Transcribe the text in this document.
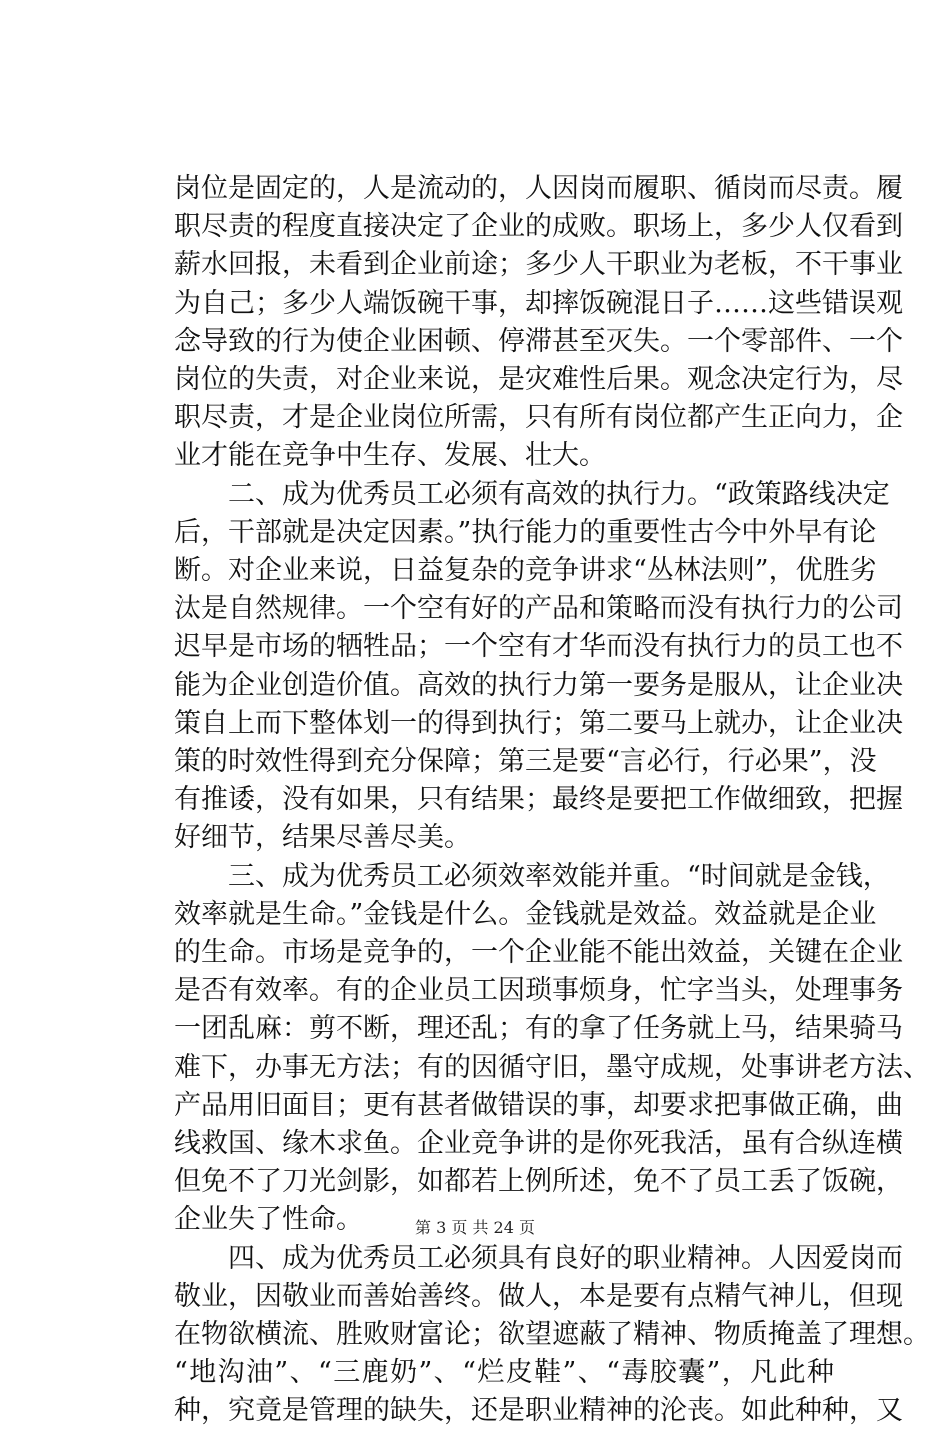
岗位是固定的，人是流动的，人因岗而履职、循岗而尽责。履
职尽责的程度直接决定了企业的成败。职场上，多少人仅看到
薪水回报，未看到企业前途；多少人干职业为老板，不干事业
为自己；多少人端饭碗干事，却摔饭碗混日子……这些错误观
念导致的行为使企业困顿、停滞甚至灭失。一个零部件、一个
岗位的失责，对企业来说，是灾难性后果。观念决定行为，尽
职尽责，才是企业岗位所需，只有所有岗位都产生正向力，企
业才能在竞争中生存、发展、壮大。
二、成为优秀员工必须有高效的执行力。“政策路线决定
后，干部就是决定因素。”执行能力的重要性古今中外早有论
断。对企业来说，日益复杂的竞争讲求“丛林法则”，优胜劣
汰是自然规律。一个空有好的产品和策略而没有执行力的公司
迟早是市场的牺牲品；一个空有才华而没有执行力的员工也不
能为企业创造价值。高效的执行力第一要务是服从，让企业决
策自上而下整体划一的得到执行；第二要马上就办，让企业决
策的时效性得到充分保障；第三是要“言必行，行必果”，没
有推诿，没有如果，只有结果；最终是要把工作做细致，把握
好细节，结果尽善尽美。
三、成为优秀员工必须效率效能并重。“时间就是金钱，
效率就是生命。”金钱是什么。金钱就是效益。效益就是企业
的生命。市场是竞争的，一个企业能不能出效益，关键在企业
是否有效率。有的企业员工因琐事烦身，忙字当头，处理事务
一团乱麻：剪不断，理还乱；有的拿了任务就上马，结果骑马
难下，办事无方法；有的因循守旧，墨守成规，处事讲老方法、
产品用旧面目；更有甚者做错误的事，却要求把事做正确，曲
线救国、缘木求鱼。企业竞争讲的是你死我活，虽有合纵连横
但免不了刀光剑影，如都若上例所述，免不了员工丢了饭碗，
企业失了性命。
四、成为优秀员工必须具有良好的职业精神。人因爱岗而
敬业，因敬业而善始善终。做人，本是要有点精气神儿，但现
在物欲横流、胜败财富论；欲望遮蔽了精神、物质掩盖了理想。
“地沟油”、“三鹿奶”、“烂皮鞋”、“毒胶囊”，凡此种
种，究竟是管理的缺失，还是职业精神的沦丧。如此种种，又
第 3 页 共 24 页
